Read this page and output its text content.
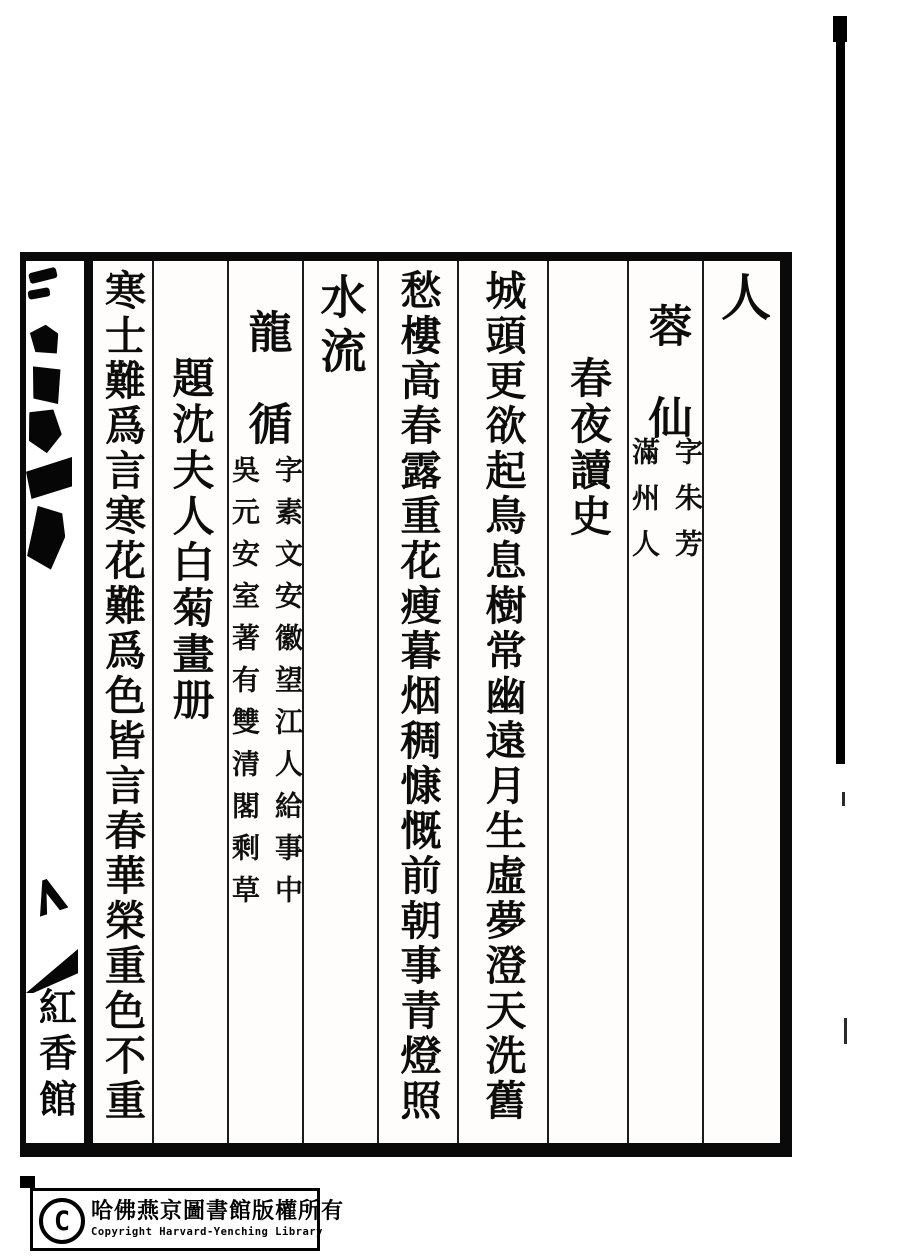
紅香館
人
蓉　仙
字朱芳
滿州人
春夜讀史
城頭更欲起鳥息樹常幽遠月生虛夢澄天洗舊
愁樓高春露重花瘦暮烟稠慷慨前朝事青燈照
水流
龍　循
字素文安徽望江人給事中
吳元安室著有雙清閣剩草
題沈夫人白菊畫册
寒士難爲言寒花難爲色皆言春華榮重色不重
C 哈佛燕京圖書館版權所有
Copyright Harvard-Yenching Library
